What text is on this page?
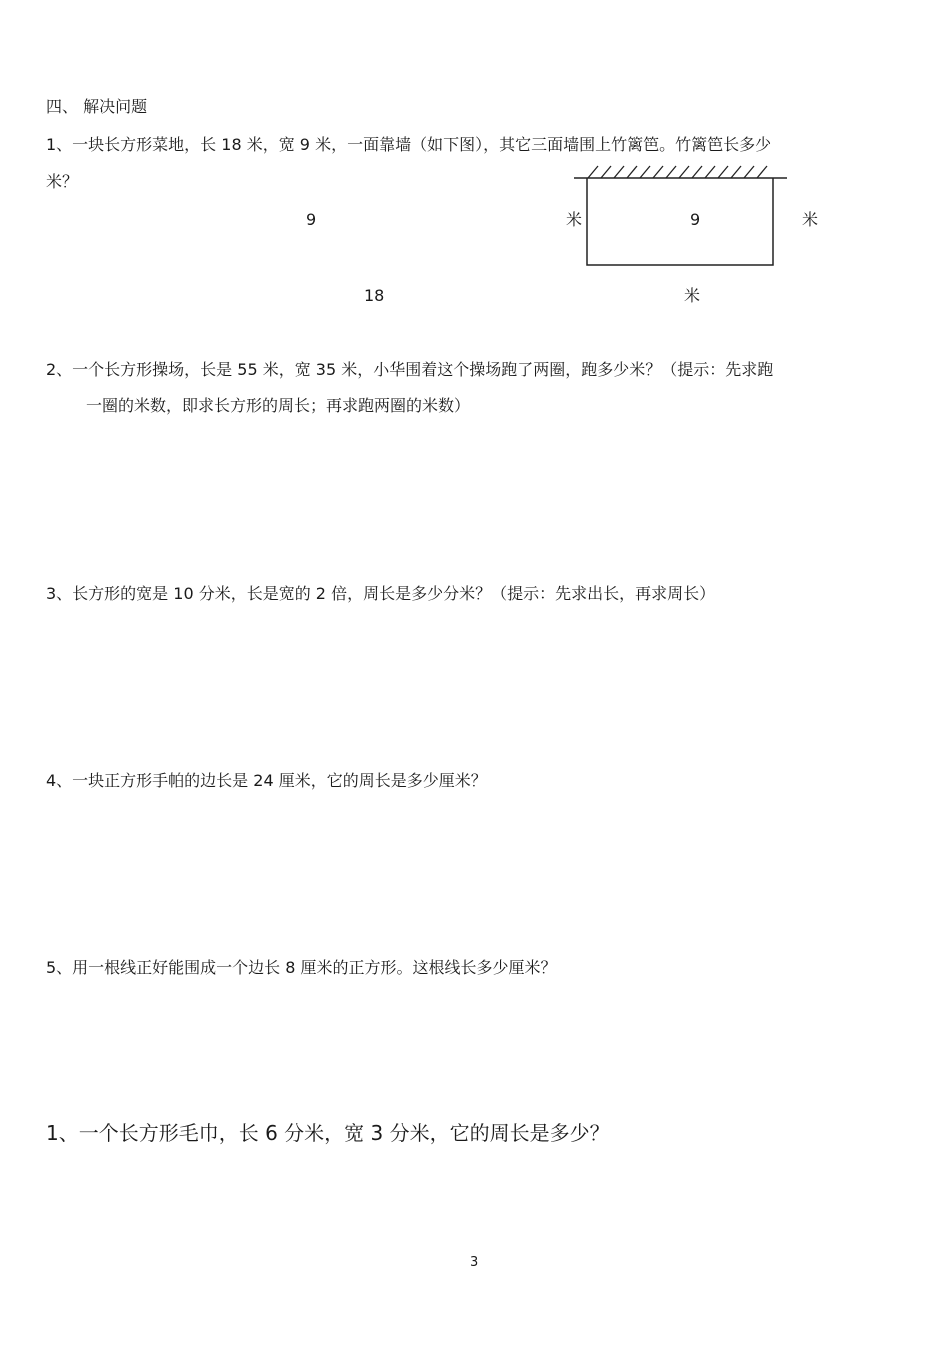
四、 解决问题
1、一块长方形菜地，长 18 米，宽 9 米，一面靠墙（如下图），其它三面墙围上竹篱笆。竹篱笆长多少
米？
9	米	9	米
18	米
2、一个长方形操场，长是 55 米，宽 35 米，小华围着这个操场跑了两圈，跑多少米？（提示：先求跑
一圈的米数，即求长方形的周长；再求跑两圈的米数）
3、长方形的宽是 10 分米，长是宽的 2 倍，周长是多少分米？（提示：先求出长，再求周长）
4、一块正方形手帕的边长是 24 厘米，它的周长是多少厘米？
5、用一根线正好能围成一个边长 8 厘米的正方形。这根线长多少厘米？
1、一个长方形毛巾，长 6 分米，宽 3 分米，它的周长是多少？
3
